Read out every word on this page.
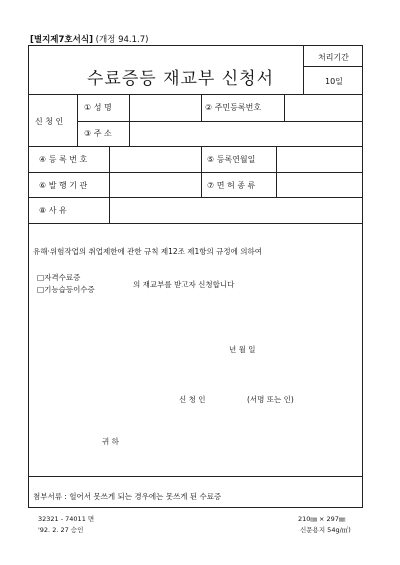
[별지제7호서식] (개정 94.1.7)
수료증등 재교부 신청서
처리기간
10일
신 청 인
① 성 명	② 주민등록번호
③ 주 소
④ 등 록 번 호	⑤ 등록연월일
⑥ 발 행 기 관	⑦ 면 허 종 류
⑧ 사 유
유해·위험작업의 취업제한에 관한 규칙 제12조 제1항의 규정에 의하여
□자격수료증
□기능습등이수증
의 재교부를 받고자 신청합니다
년 월 일
신 청 인	(서명 또는 인)
귀 하
첨부서류 : 헐어서 못쓰게 되는 경우에는 못쓰게 된 수료증
32321 - 74011 면
'92. 2. 27 승인
210㎜ × 297㎜
신문용지 54g/㎡)
